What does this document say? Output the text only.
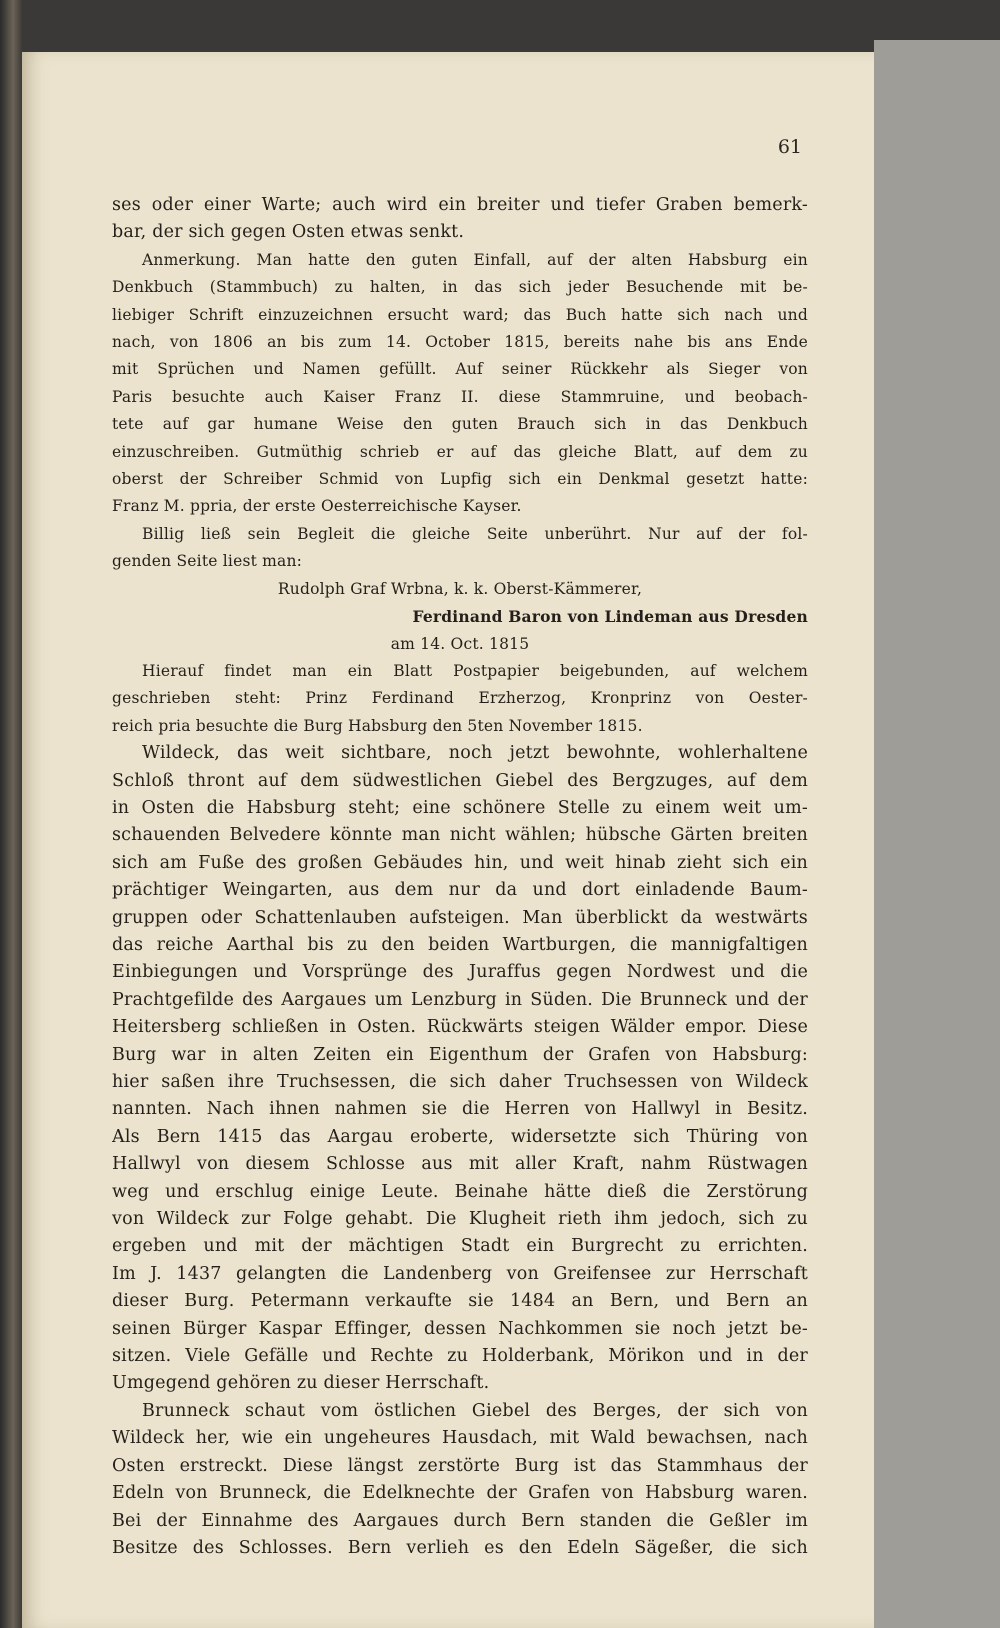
61
ses oder einer Warte; auch wird ein breiter und tiefer Graben bemerk-
bar, der sich gegen Osten etwas senkt.
Anmerkung. Man hatte den guten Einfall, auf der alten Habsburg ein
Denkbuch (Stammbuch) zu halten, in das sich jeder Besuchende mit be-
liebiger Schrift einzuzeichnen ersucht ward; das Buch hatte sich nach und
nach, von 1806 an bis zum 14. October 1815, bereits nahe bis ans Ende
mit Sprüchen und Namen gefüllt. Auf seiner Rückkehr als Sieger von
Paris besuchte auch Kaiser Franz II. diese Stammruine, und beobach-
tete auf gar humane Weise den guten Brauch sich in das Denkbuch
einzuschreiben. Gutmüthig schrieb er auf das gleiche Blatt, auf dem zu
oberst der Schreiber Schmid von Lupfig sich ein Denkmal gesetzt hatte:
Franz M. ppria, der erste Oesterreichische Kayser.
Billig ließ sein Begleit die gleiche Seite unberührt. Nur auf der fol-
genden Seite liest man:
Rudolph Graf Wrbna, k. k. Oberst-Kämmerer,
Ferdinand Baron von Lindeman aus Dresden
am 14. Oct. 1815
Hierauf findet man ein Blatt Postpapier beigebunden, auf welchem
geschrieben steht: Prinz Ferdinand Erzherzog, Kronprinz von Oester-
reich pria besuchte die Burg Habsburg den 5ten November 1815.
Wildeck, das weit sichtbare, noch jetzt bewohnte, wohlerhaltene
Schloß thront auf dem südwestlichen Giebel des Bergzuges, auf dem
in Osten die Habsburg steht; eine schönere Stelle zu einem weit um-
schauenden Belvedere könnte man nicht wählen; hübsche Gärten breiten
sich am Fuße des großen Gebäudes hin, und weit hinab zieht sich ein
prächtiger Weingarten, aus dem nur da und dort einladende Baum-
gruppen oder Schattenlauben aufsteigen. Man überblickt da westwärts
das reiche Aarthal bis zu den beiden Wartburgen, die mannigfaltigen
Einbiegungen und Vorsprünge des Juraffus gegen Nordwest und die
Prachtgefilde des Aargaues um Lenzburg in Süden. Die Brunneck und der
Heitersberg schließen in Osten. Rückwärts steigen Wälder empor. Diese
Burg war in alten Zeiten ein Eigenthum der Grafen von Habsburg:
hier saßen ihre Truchsessen, die sich daher Truchsessen von Wildeck
nannten. Nach ihnen nahmen sie die Herren von Hallwyl in Besitz.
Als Bern 1415 das Aargau eroberte, widersetzte sich Thüring von
Hallwyl von diesem Schlosse aus mit aller Kraft, nahm Rüstwagen
weg und erschlug einige Leute. Beinahe hätte dieß die Zerstörung
von Wildeck zur Folge gehabt. Die Klugheit rieth ihm jedoch, sich zu
ergeben und mit der mächtigen Stadt ein Burgrecht zu errichten.
Im J. 1437 gelangten die Landenberg von Greifensee zur Herrschaft
dieser Burg. Petermann verkaufte sie 1484 an Bern, und Bern an
seinen Bürger Kaspar Effinger, dessen Nachkommen sie noch jetzt be-
sitzen. Viele Gefälle und Rechte zu Holderbank, Mörikon und in der
Umgegend gehören zu dieser Herrschaft.
Brunneck schaut vom östlichen Giebel des Berges, der sich von
Wildeck her, wie ein ungeheures Hausdach, mit Wald bewachsen, nach
Osten erstreckt. Diese längst zerstörte Burg ist das Stammhaus der
Edeln von Brunneck, die Edelknechte der Grafen von Habsburg waren.
Bei der Einnahme des Aargaues durch Bern standen die Geßler im
Besitze des Schlosses. Bern verlieh es den Edeln Sägeßer, die sich
